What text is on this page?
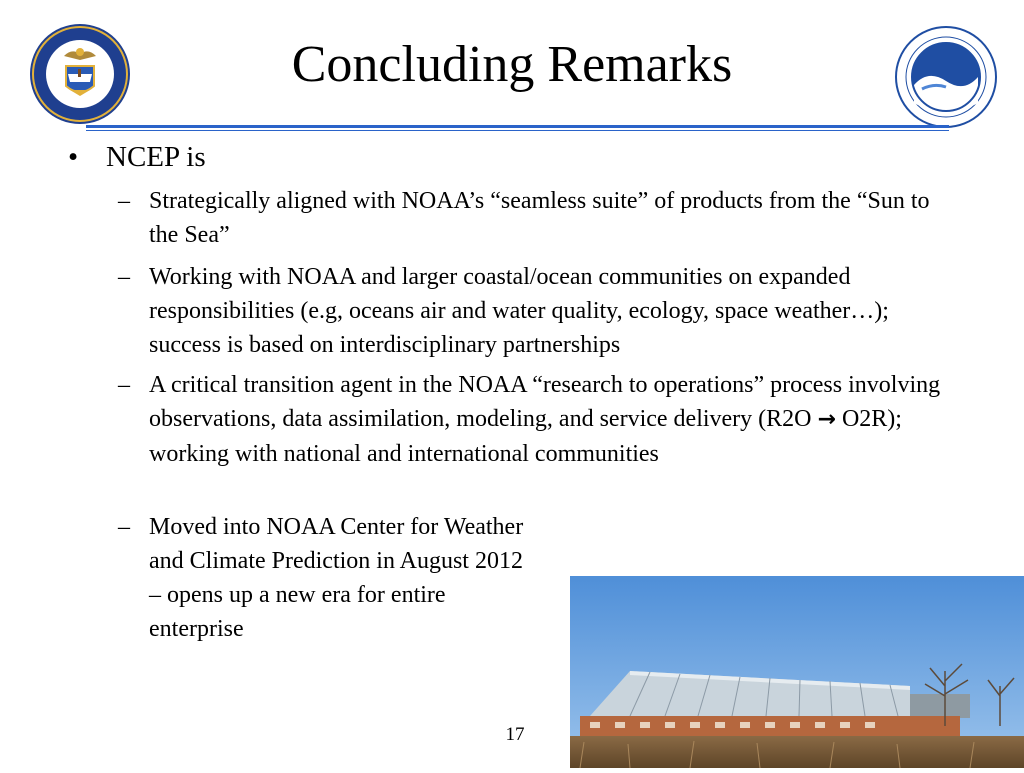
Concluding Remarks
• NCEP is
– Strategically aligned with NOAA’s “seamless suite” of products from the “Sun to the Sea”
– Working with NOAA and larger coastal/ocean communities on expanded responsibilities (e.g, oceans air and water quality, ecology, space weather…); success is based on interdisciplinary partnerships
– A critical transition agent in the NOAA “research to operations” process involving observations, data assimilation, modeling, and service delivery (R2O → O2R); working with national and international communities
– Moved into NOAA Center for Weather and Climate Prediction in August 2012 – opens up a new era for entire enterprise
17
